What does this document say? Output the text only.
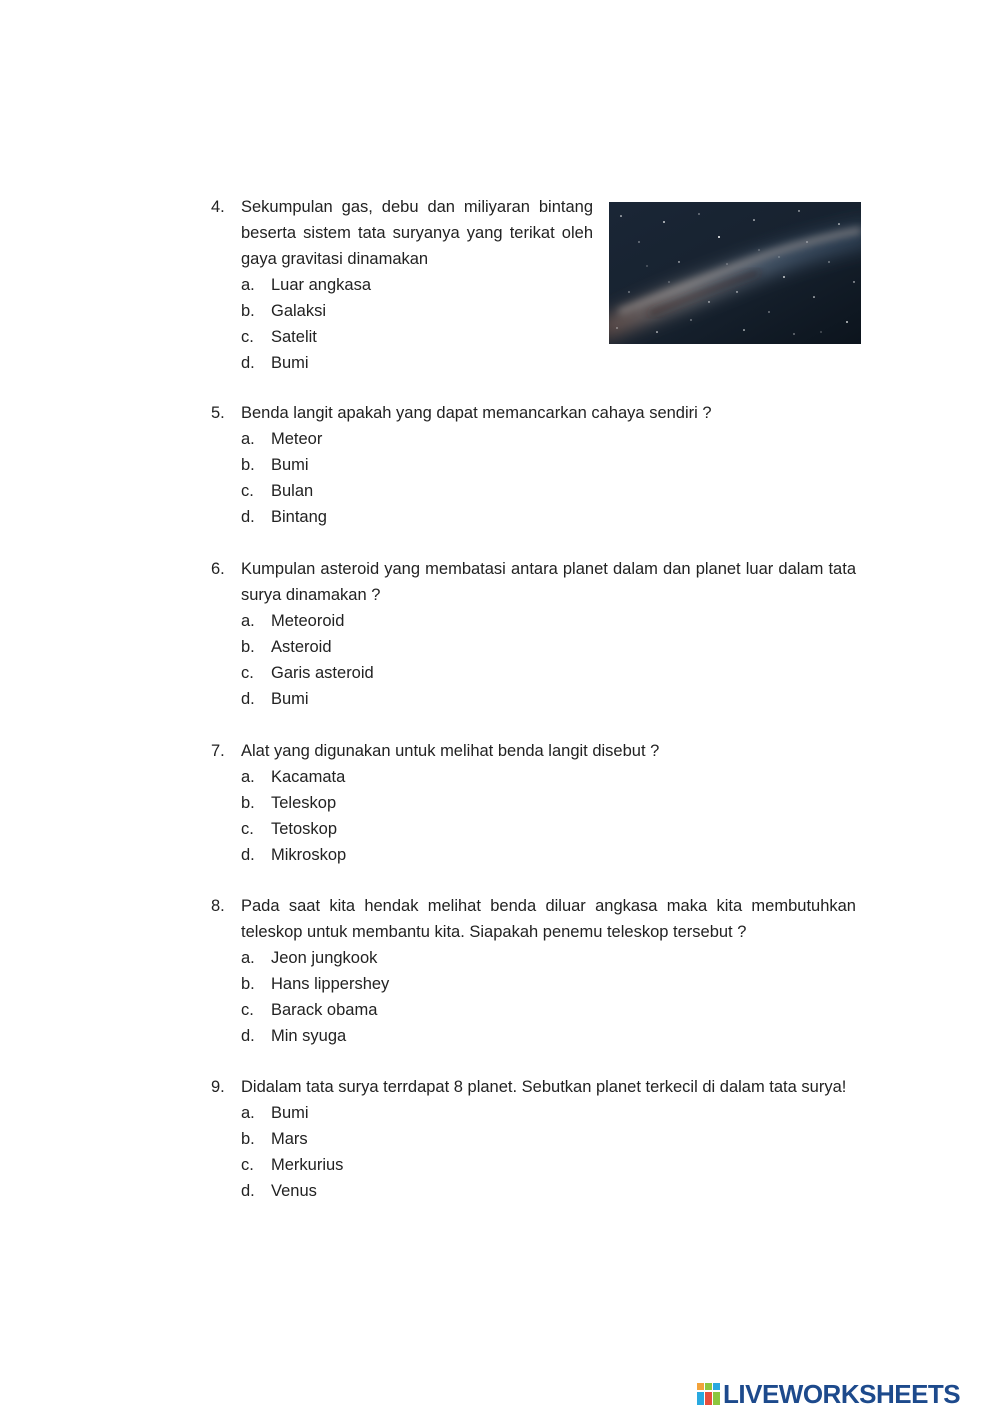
4. Sekumpulan gas, debu dan miliyaran bintang beserta sistem tata suryanya yang terikat oleh gaya gravitasi dinamakan
a. Luar angkasa
b. Galaksi
c.	Satelit
d. Bumi
5. Benda langit apakah yang dapat memancarkan cahaya sendiri ?
a. Meteor
b. Bumi
c.	Bulan
d. Bintang
6. Kumpulan asteroid yang membatasi antara planet dalam dan planet luar dalam tata surya dinamakan ?
a. Meteoroid
b. Asteroid
c.	Garis asteroid
d. Bumi
7. Alat yang digunakan untuk melihat benda langit disebut ?
a. Kacamata
b. Teleskop
c.	Tetoskop
d. Mikroskop
8. Pada saat kita hendak melihat benda diluar angkasa maka kita membutuhkan teleskop untuk membantu kita. Siapakah penemu teleskop tersebut ?
a. Jeon jungkook
b. Hans lippershey
c.	Barack obama
d. Min syuga
9. Didalam tata surya terrdapat 8 planet. Sebutkan planet terkecil di dalam tata surya!
a. Bumi
b. Mars
c.	Merkurius
d. Venus
LIVEWORKSHEETS
